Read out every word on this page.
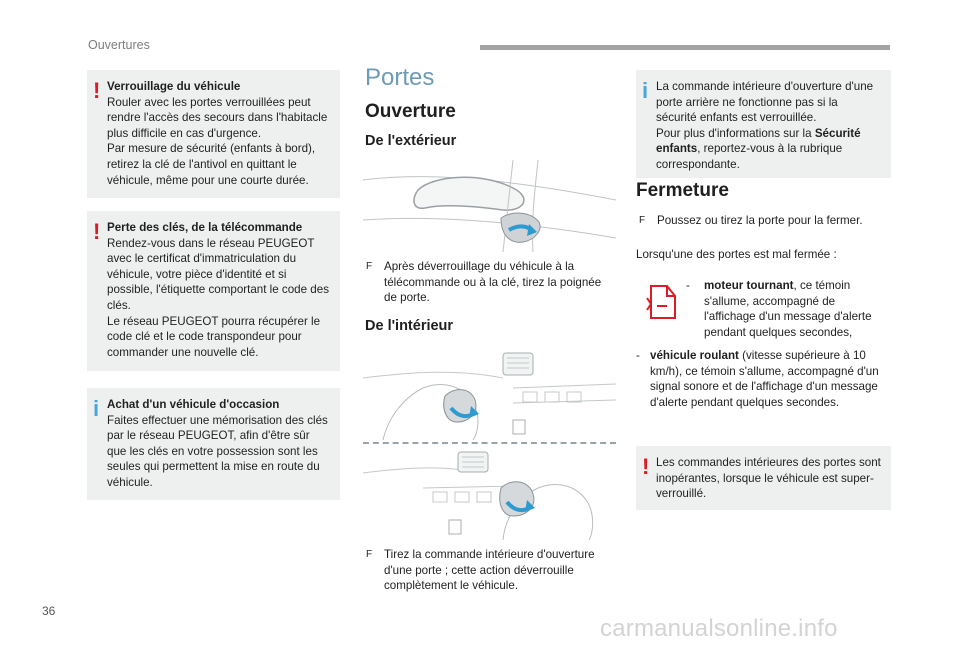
Ouvertures
! Verrouillage du véhicule

Rouler avec les portes verrouillées peut rendre l'accès des secours dans l'habitacle plus difficile en cas d'urgence.
Par mesure de sécurité (enfants à bord), retirez la clé de l'antivol en quittant le véhicule, même pour une courte durée.

! Perte des clés, de la télécommande

Rendez-vous dans le réseau PEUGEOT avec le certificat d'immatriculation du véhicule, votre pièce d'identité et si possible, l'étiquette comportant le code des clés.
Le réseau PEUGEOT pourra récupérer le code clé et le code transpondeur pour commander une nouvelle clé.

i Achat d'un véhicule d'occasion

Faites effectuer une mémorisation des clés par le réseau PEUGEOT, afin d'être sûr que les clés en votre possession sont les seules qui permettent la mise en route du véhicule.

Portes
Ouverture
De l'extérieur
F Après déverrouillage du véhicule à la télécommande ou à la clé, tirez la poignée de porte.
De l'intérieur
F Tirez la commande intérieure d'ouverture d'une porte ; cette action déverrouille complètement le véhicule.
i La commande intérieure d'ouverture d'une porte arrière ne fonctionne pas si la sécurité enfants est verrouillée.

Pour plus d'informations sur la Sécurité enfants, reportez-vous à la rubrique correspondante.

Fermeture
F Poussez ou tirez la porte pour la fermer.
Lorsqu'une des portes est mal fermée :
-	moteur tournant, ce témoin s'allume, accompagné de l'affichage d'un message d'alerte pendant quelques secondes,
- véhicule roulant (vitesse supérieure à 10 km/h), ce témoin s'allume, accompagné d'un signal sonore et de l'affichage d'un message d'alerte pendant quelques secondes.
! Les commandes intérieures des portes sont inopérantes, lorsque le véhicule est super-verrouillé.

36
carmanualsonline.info
